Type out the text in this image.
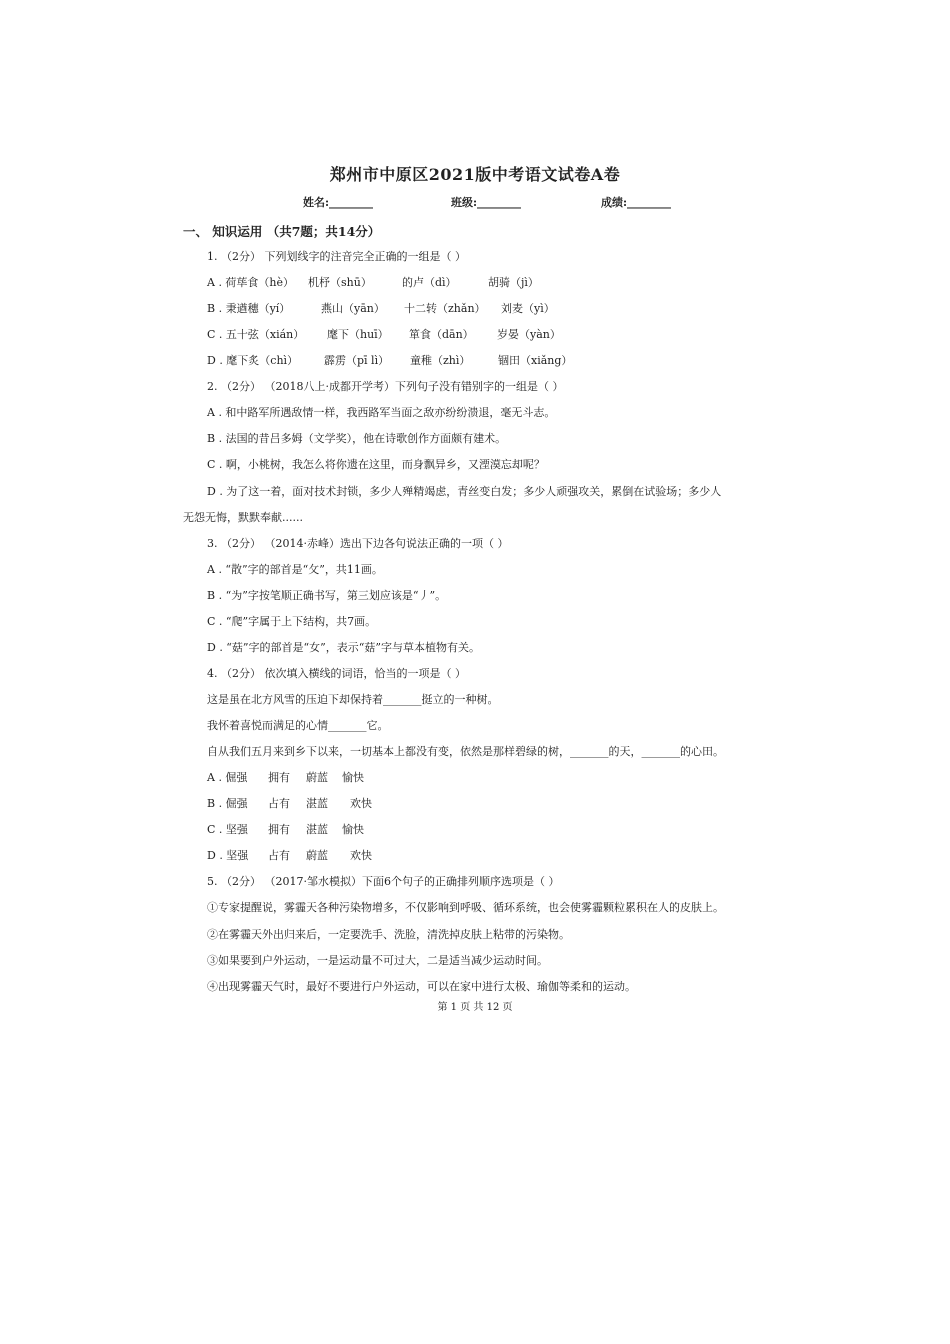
郑州市中原区2021版中考语文试卷A卷
姓名:________	班级:________	成绩:________
一、 知识运用 （共7题；共14分）
1. （2分） 下列划线字的注音完全正确的一组是（ ）
A . 荷荜食（hè） 机杼（shū）	的卢（dì）	胡骑（jì）
B . 秉遒穗（yí）	燕山（yān） 十二转（zhǎn） 刘麦（yì）
C . 五十弦（xián） 麾下（huī） 箪食（dān） 岁晏（yàn）
D . 麾下炙（chì） 霹雳（pī lì） 童稚（zhì）	锢田（xiǎng）
2. （2分） （2018八上·成都开学考）下列句子没有错别字的一组是（ ）
A . 和中路军所遇敌情一样，我西路军当面之敌亦纷纷溃退，毫无斗志。
B . 法国的昔吕多姆（文学奖），他在诗歌创作方面颇有建术。
C . 啊，小桃树，我怎么将你遗在这里，而身飘异乡，又湮漠忘却呢？
D . 为了这一着，面对技术封锁，多少人殚精竭虑，青丝变白发；多少人顽强攻关，累倒在试验场；多少人
无怨无悔，默默奉献......
3. （2分） （2014·赤峰）选出下边各句说法正确的一项（ ）
A . “散”字的部首是“攵”，共11画。
B . “为”字按笔顺正确书写，第三划应该是“丿”。
C . “爬”字属于上下结构，共7画。
D . “菇”字的部首是“女”，表示“菇”字与草本植物有关。
4. （2分） 依次填入横线的词语，恰当的一项是（ ）
这是虽在北方风雪的压迫下却保持着_______挺立的一种树。
我怀着喜悦而满足的心情_______它。
自从我们五月来到乡下以来，一切基本上都没有变，依然是那样碧绿的树，_______的天，_______的心田。
A . 倔强 拥有 蔚蓝 愉快
B . 倔强 占有 湛蓝 欢快
C . 坚强 拥有 湛蓝 愉快
D . 坚强 占有 蔚蓝 欢快
5. （2分） （2017·邹水模拟）下面6个句子的正确排列顺序选项是（ ）
①专家提醒说，雾霾天各种污染物增多，不仅影响到呼吸、循环系统，也会使雾霾颗粒累积在人的皮肤上。
②在雾霾天外出归来后，一定要洗手、洗脸，清洗掉皮肤上粘带的污染物。
③如果要到户外运动，一是运动量不可过大，二是适当减少运动时间。
④出现雾霾天气时，最好不要进行户外运动，可以在家中进行太极、瑜伽等柔和的运动。
第 1 页 共 12 页
